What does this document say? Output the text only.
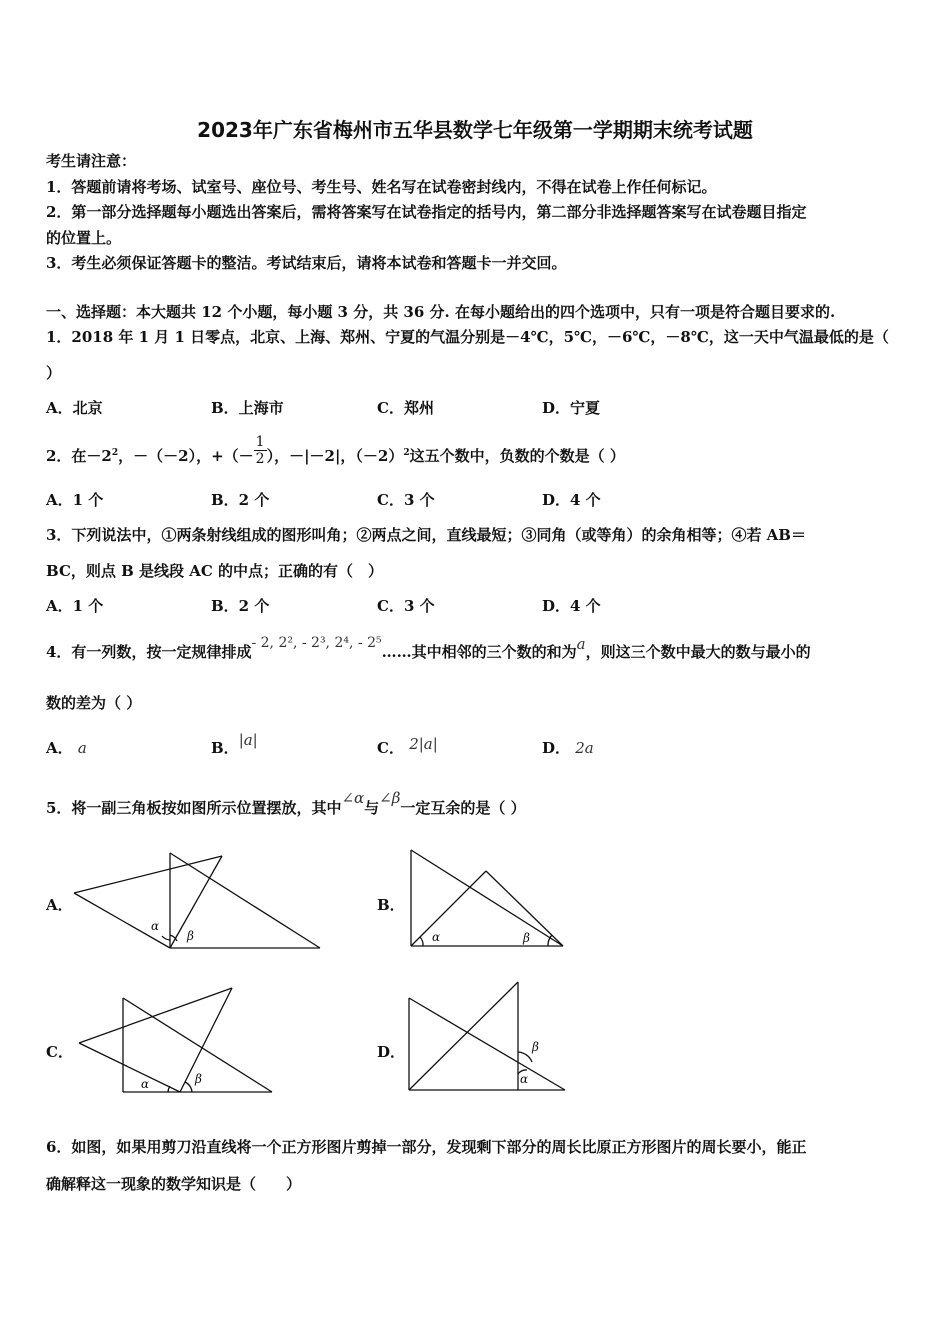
2023年广东省梅州市五华县数学七年级第一学期期末统考试题
考生请注意：
1．答题前请将考场、试室号、座位号、考生号、姓名写在试卷密封线内，不得在试卷上作任何标记。
2．第一部分选择题每小题选出答案后，需将答案写在试卷指定的括号内，第二部分非选择题答案写在试卷题目指定
的位置上。
3．考生必须保证答题卡的整洁。考试结束后，请将本试卷和答题卡一并交回。
一、选择题：本大题共 12 个小题，每小题 3 分，共 36 分. 在每小题给出的四个选项中，只有一项是符合题目要求的.
1．2018 年 1 月 1 日零点，北京、上海、郑州、宁夏的气温分别是－4℃，5℃，－6℃，－8℃，这一天中气温最低的是（
）
A．北京	B．上海市	C．郑州	D．宁夏
2．在$-2^2$，－（－2），+（－ $\frac{1}{2}$ ），－|－2|，$(-2)^2$这五个数中，负数的个数是（ ）
A．1 个	B．2 个	C．3 个	D．4 个
3．下列说法中，①两条射线组成的图形叫角；②两点之间，直线最短；③同角（或等角）的余角相等；④若 AB＝
BC，则点 B 是线段 AC 的中点；正确的有（　）
A．1 个	B．2 个	C．3 个	D．4 个
4．有一列数，按一定规律排成- 2, 2², - 2³, 2⁴, - 2⁵……其中相邻的三个数的和为a，则这三个数中最大的数与最小的
数的差为（ ）
A． a	B．|a|	C． 2|a|	D． 2a
5．将一副三角板按如图所示位置摆放，其中∠α与∠β一定互余的是（ ）
A．	B．
C．	D．
α
β	α	β
α	β
β
α
6．如图，如果用剪刀沿直线将一个正方形图片剪掉一部分，发现剩下部分的周长比原正方形图片的周长要小，能正
确解释这一现象的数学知识是（　　）
